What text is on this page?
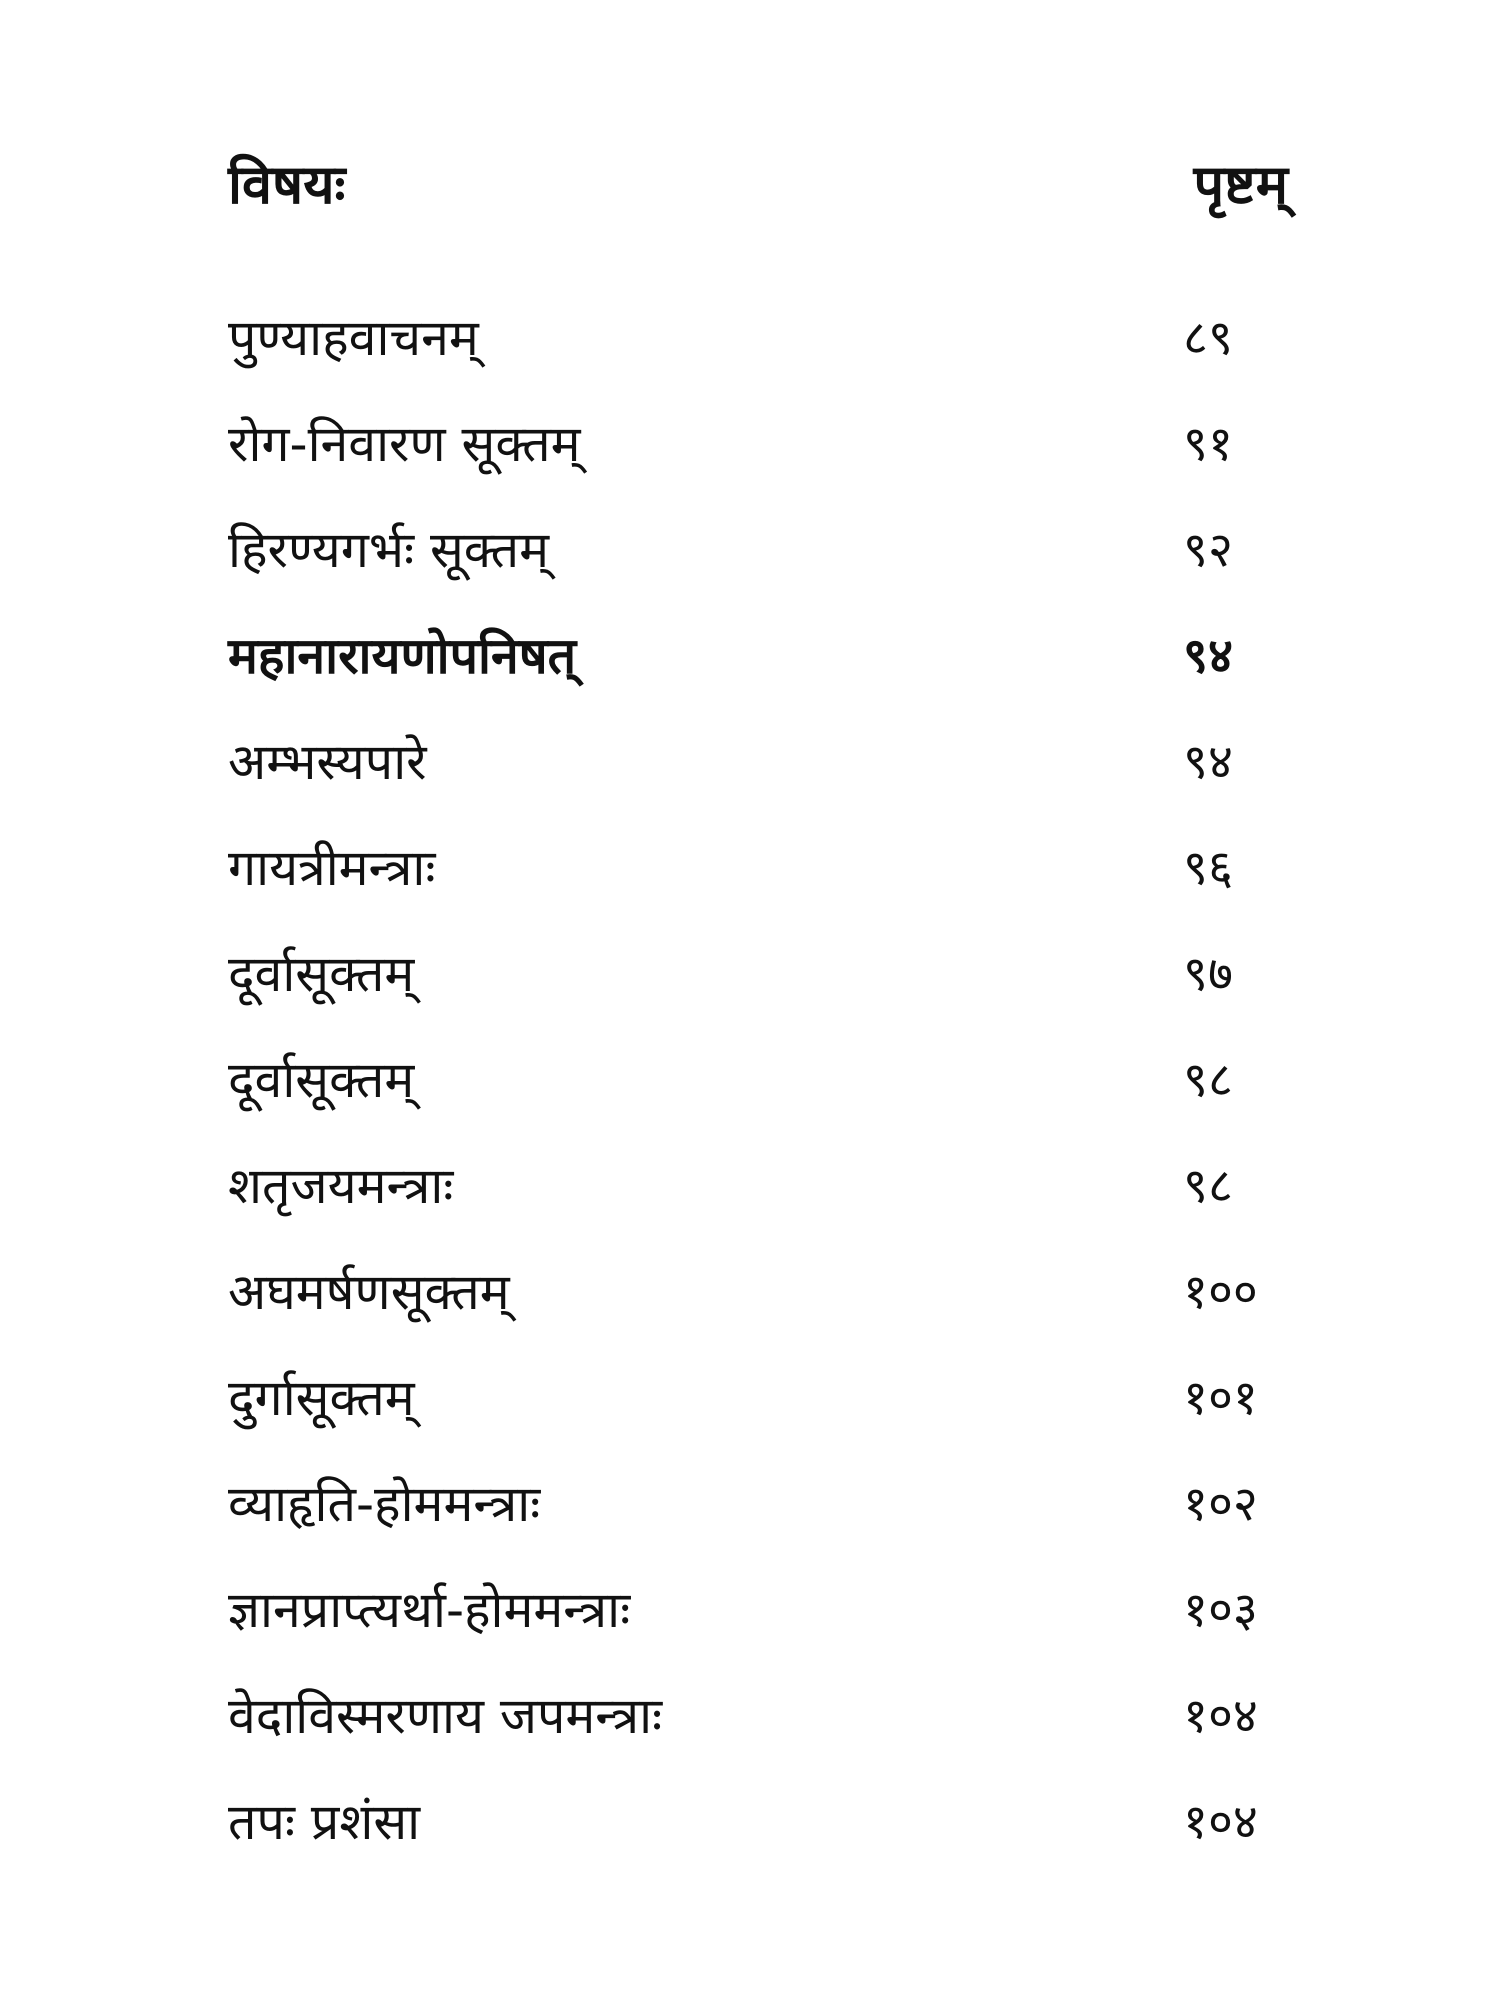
विषयः	पृष्टम्
पुण्याहवाचनम्	८९
रोग-निवारण सूक्तम्	९१
हिरण्यगर्भः सूक्तम्	९२
महानारायणोपनिषत्	९४
अम्भस्यपारे	९४
गायत्रीमन्त्राः	९६
दूर्वासूक्तम्	९७
दूर्वासूक्तम्	९८
शतृजयमन्त्राः	९८
अघमर्षणसूक्तम्	१००
दुर्गासूक्तम्	१०१
व्याहृति-होममन्त्राः	१०२
ज्ञानप्राप्त्यर्था-होममन्त्राः	१०३
वेदाविस्मरणाय जपमन्त्राः	१०४
तपः प्रशंसा	१०४
